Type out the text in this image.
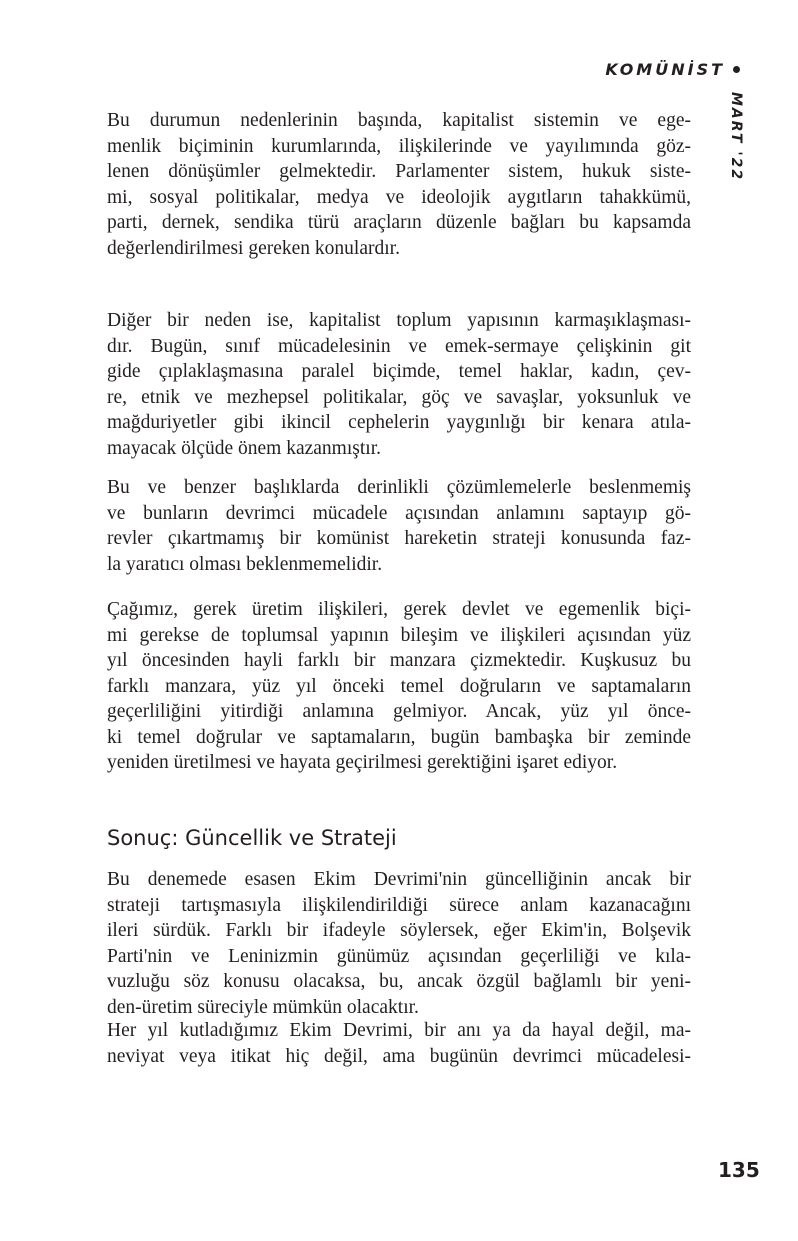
KOMÜNİST
MART '22
Bu durumun nedenlerinin başında, kapitalist sistemin ve ege-
menlik biçiminin kurumlarında, ilişkilerinde ve yayılımında göz-
lenen dönüşümler gelmektedir. Parlamenter sistem, hukuk siste-
mi, sosyal politikalar, medya ve ideolojik aygıtların tahakkümü,
parti, dernek, sendika türü araçların düzenle bağları bu kapsamda
değerlendirilmesi gereken konulardır.
Diğer bir neden ise, kapitalist toplum yapısının karmaşıklaşması-
dır. Bugün, sınıf mücadelesinin ve emek-sermaye çelişkinin git
gide çıplaklaşmasına paralel biçimde, temel haklar, kadın, çev-
re, etnik ve mezhepsel politikalar, göç ve savaşlar, yoksunluk ve
mağduriyetler gibi ikincil cephelerin yaygınlığı bir kenara atıla-
mayacak ölçüde önem kazanmıştır.
Bu ve benzer başlıklarda derinlikli çözümlemelerle beslenmemiş
ve bunların devrimci mücadele açısından anlamını saptayıp gö-
revler çıkartmamış bir komünist hareketin strateji konusunda faz-
la yaratıcı olması beklenmemelidir.
Çağımız, gerek üretim ilişkileri, gerek devlet ve egemenlik biçi-
mi gerekse de toplumsal yapının bileşim ve ilişkileri açısından yüz
yıl öncesinden hayli farklı bir manzara çizmektedir. Kuşkusuz bu
farklı manzara, yüz yıl önceki temel doğruların ve saptamaların
geçerliliğini yitirdiği anlamına gelmiyor. Ancak, yüz yıl önce-
ki temel doğrular ve saptamaların, bugün bambaşka bir zeminde
yeniden üretilmesi ve hayata geçirilmesi gerektiğini işaret ediyor.
Bu denemede esasen Ekim Devrimi'nin güncelliğinin ancak bir
strateji tartışmasıyla ilişkilendirildiği sürece anlam kazanacağını
ileri sürdük. Farklı bir ifadeyle söylersek, eğer Ekim'in, Bolşevik
Parti'nin ve Leninizmin günümüz açısından geçerliliği ve kıla-
vuzluğu söz konusu olacaksa, bu, ancak özgül bağlamlı bir yeni-
den-üretim süreciyle mümkün olacaktır.
Her yıl kutladığımız Ekim Devrimi, bir anı ya da hayal değil, ma-
neviyat veya itikat hiç değil, ama bugünün devrimci mücadelesi-
Sonuç: Güncellik ve Strateji
135
